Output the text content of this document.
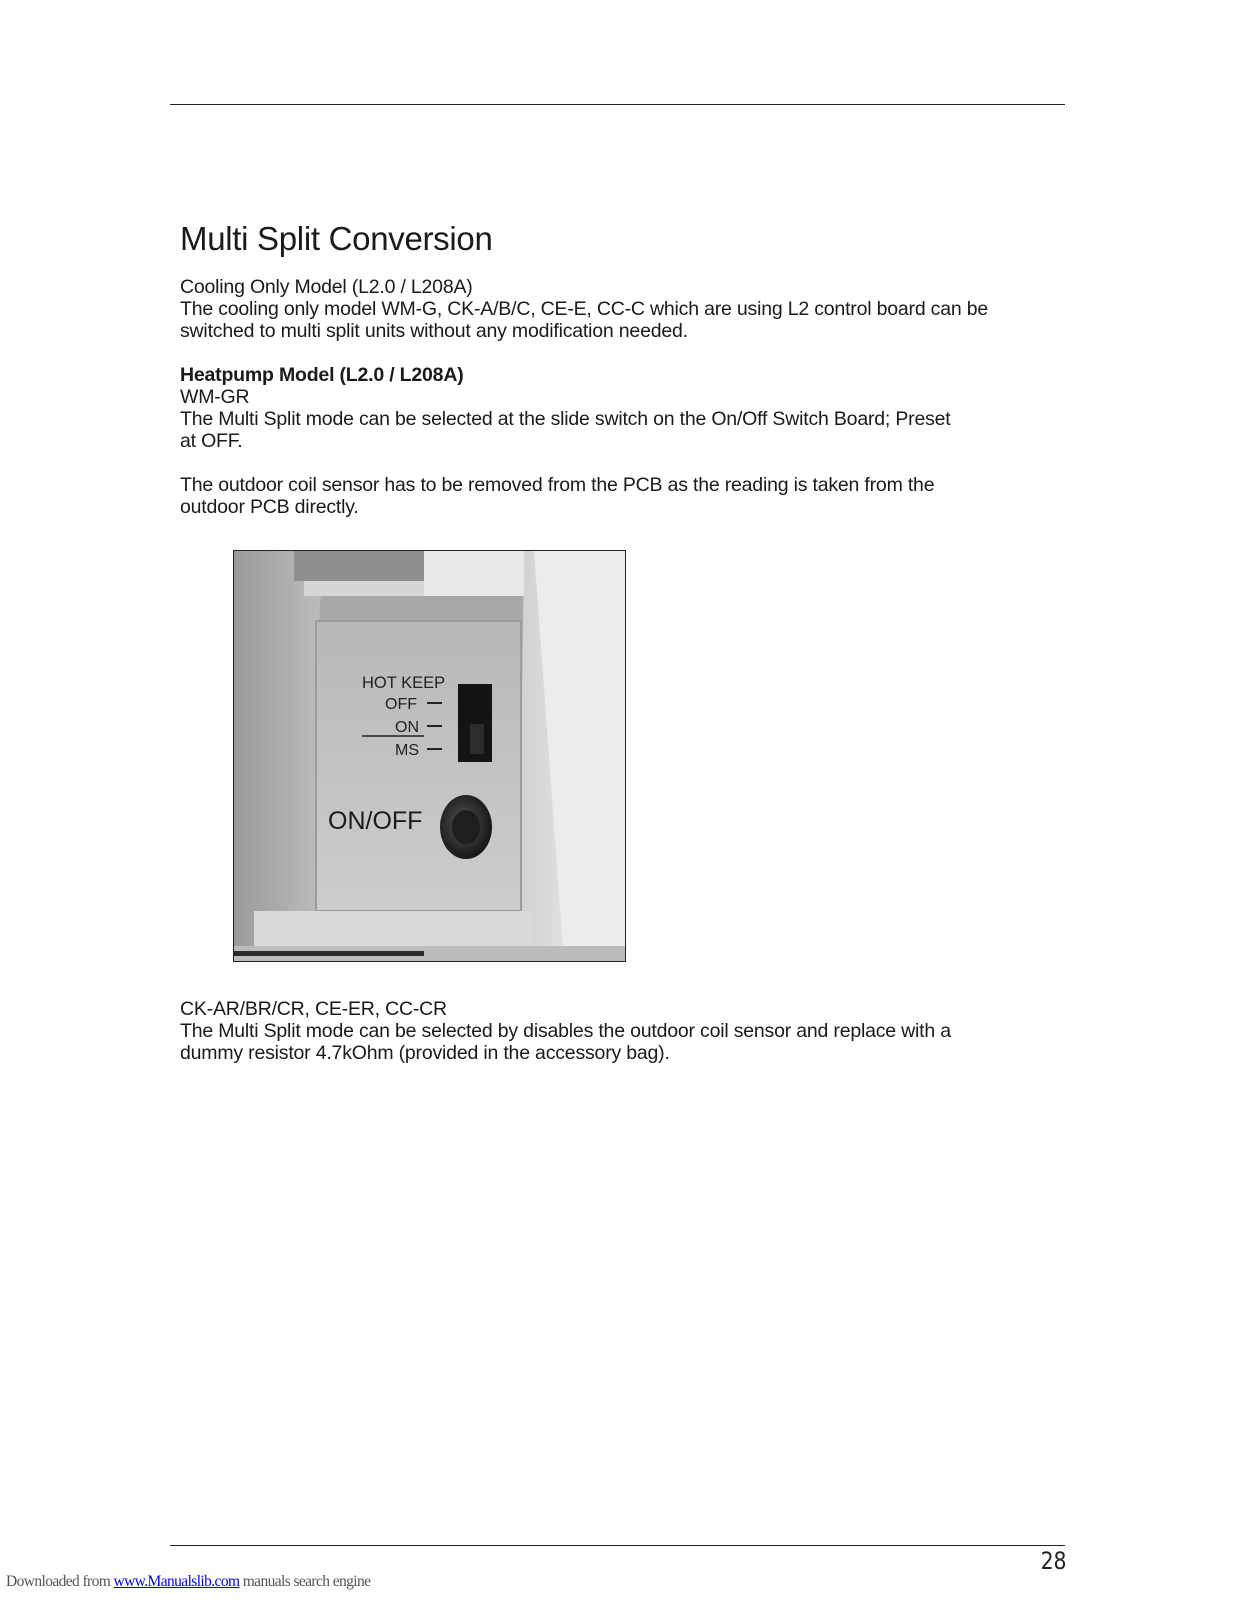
Multi Split Conversion

Cooling Only Model (L2.0 / L208A)

The cooling only model WM-G, CK-A/B/C, CE-E, CC-C which are using L2 control board can be

switched to multi split units without any modification needed.

Heatpump Model (L2.0 / L208A)

WM-GR

The Multi Split mode can be selected at the slide switch on the On/Off Switch Board; Preset

at OFF.

The outdoor coil sensor has to be removed from the PCB as the reading is taken from the

outdoor PCB directly.

HOT KEEP
OFF
ON
MS
ON/OFF

CK-AR/BR/CR, CE-ER, CC-CR

The Multi Split mode can be selected by disables the outdoor coil sensor and replace with a

dummy resistor 4.7kOhm (provided in the accessory bag).

28
Downloaded from www.Manualslib.com manuals search engine
